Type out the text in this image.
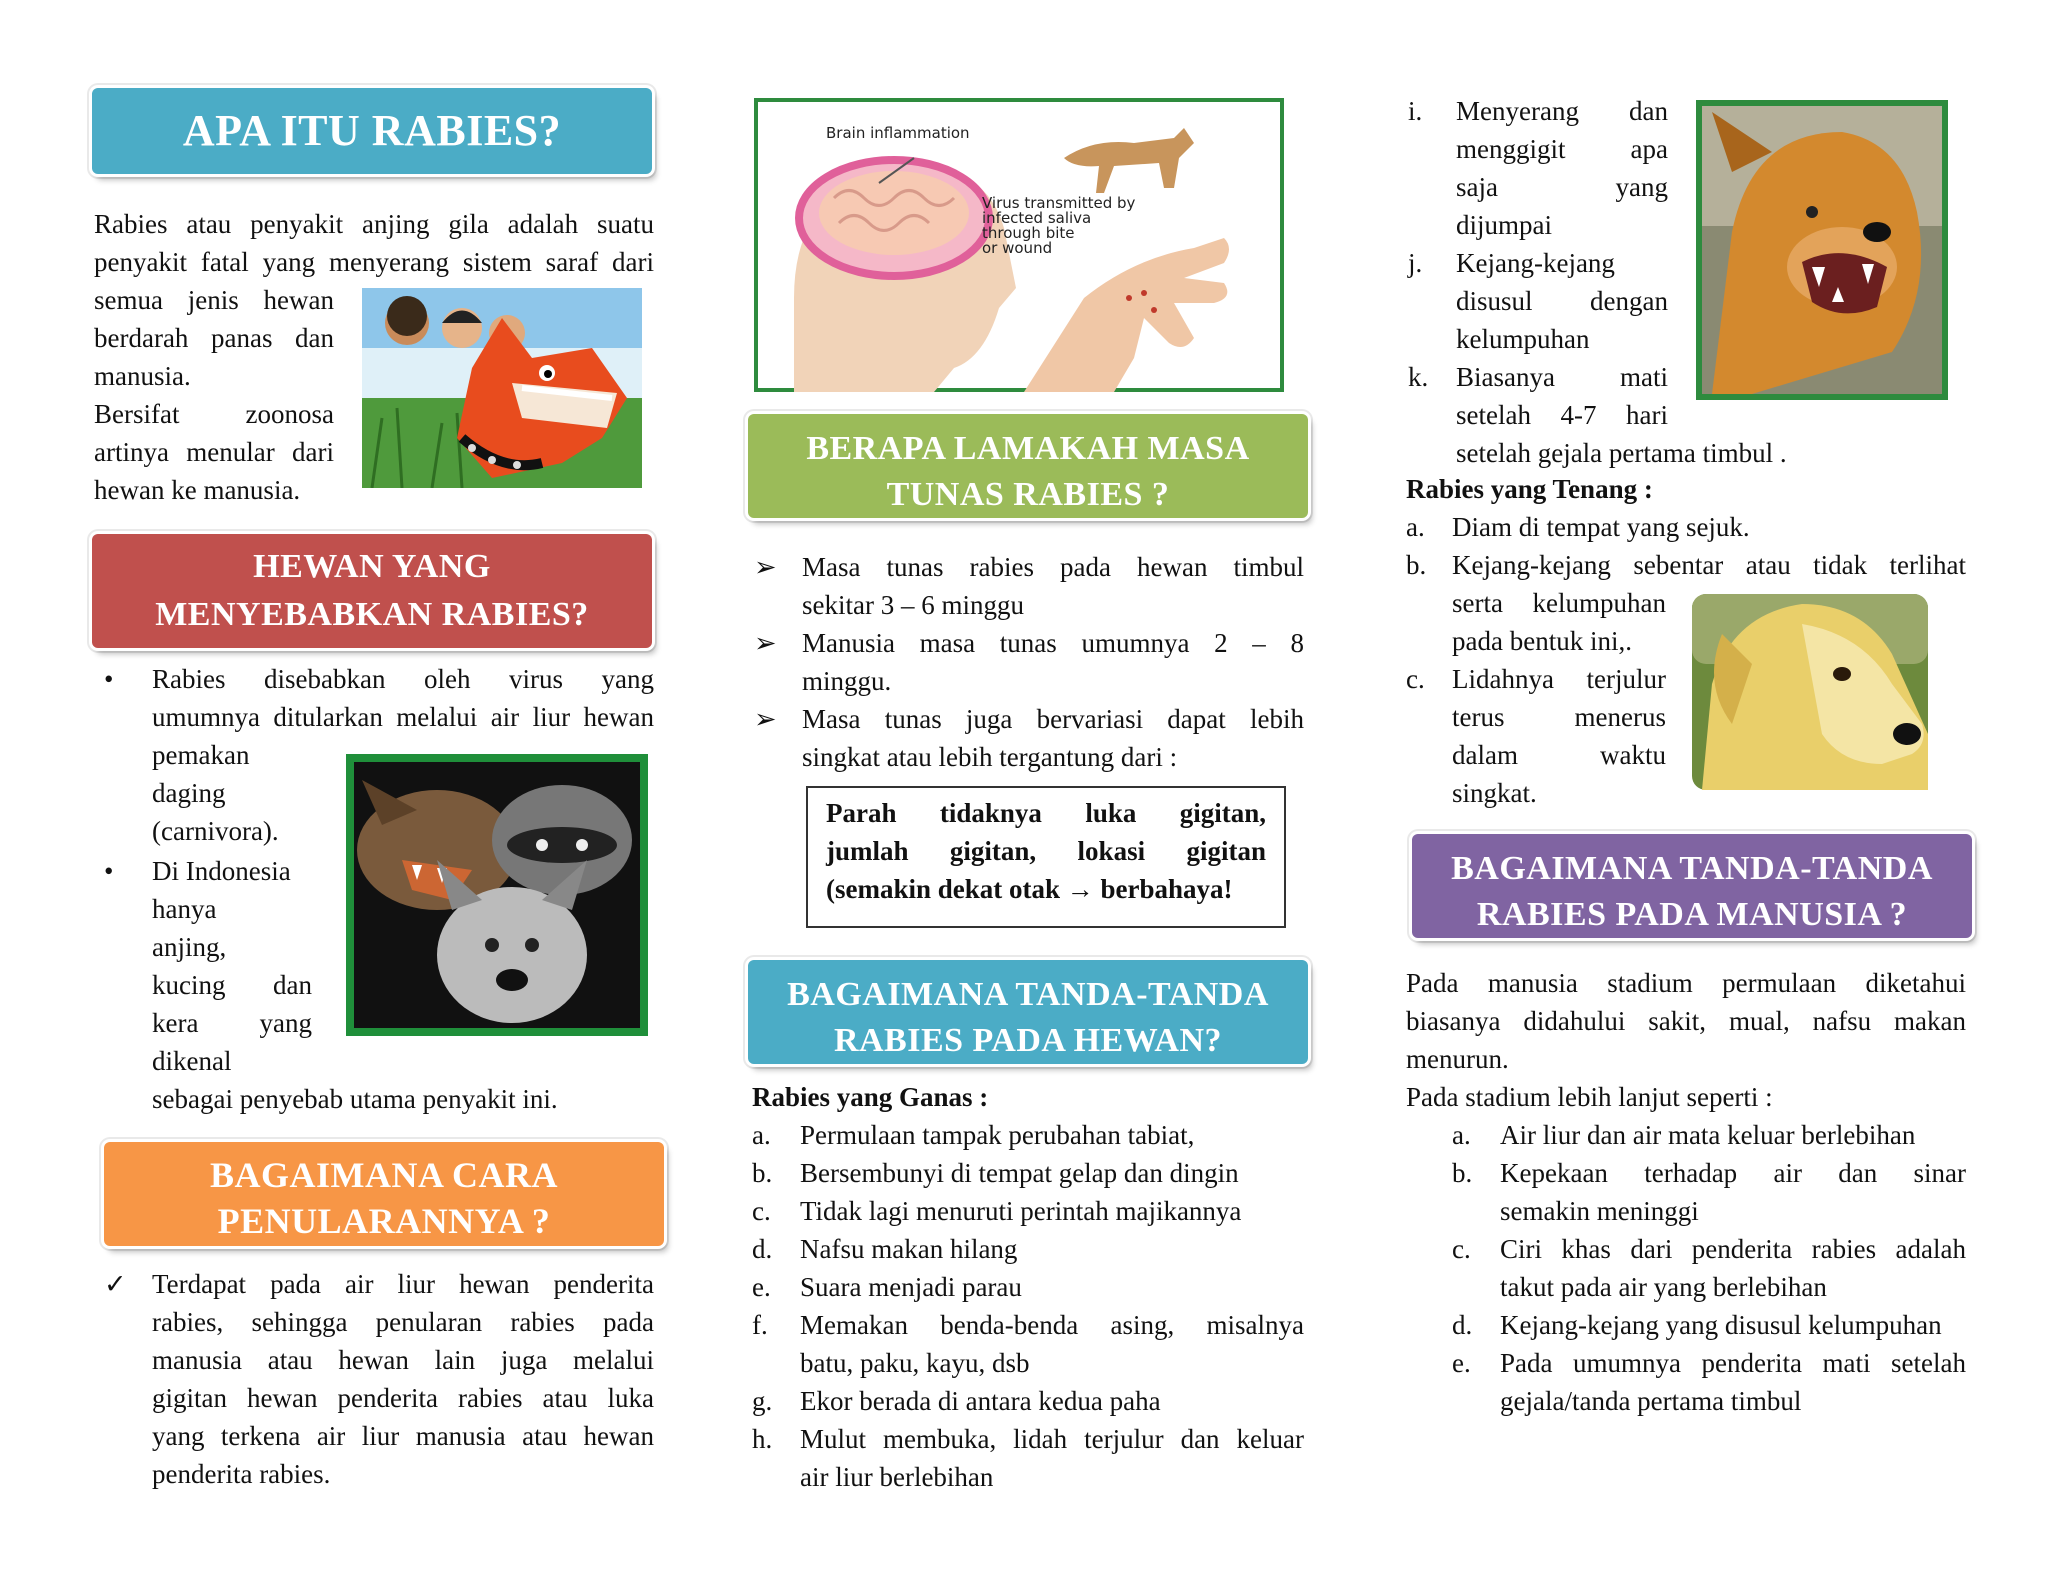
APA ITU RABIES?
Rabies atau penyakit anjing gila adalah suatu
penyakit fatal yang menyerang sistem saraf dari
semua jenis hewan
berdarah panas dan
manusia.
Bersifat zoonosa
artinya menular dari
hewan ke manusia.
HEWAN YANG
MENYEBABKAN RABIES?
• Rabies disebabkan oleh virus yang
umumnya ditularkan melalui air liur hewan
pemakan
daging
(carnivora).
• Di Indonesia
hanya
anjing,
kucing dan
kera yang
dikenal
sebagai penyebab utama penyakit ini.
BAGAIMANA CARA
PENULARANNYA ?
✓ Terdapat pada air liur hewan penderita
rabies, sehingga penularan rabies pada
manusia atau hewan lain juga melalui
gigitan hewan penderita rabies atau luka
yang terkena air liur manusia atau hewan
penderita rabies.
Brain inflammation
Virus transmitted by
infected saliva
through bite
or wound
BERAPA LAMAKAH MASA
TUNAS RABIES ?
➢ Masa tunas rabies pada hewan timbul
sekitar 3 – 6 minggu
➢ Manusia masa tunas umumnya 2 – 8
minggu.
➢ Masa tunas juga bervariasi dapat lebih
singkat atau lebih tergantung dari :
Parah tidaknya luka gigitan,
jumlah gigitan, lokasi gigitan
(semakin dekat otak → berbahaya!
BAGAIMANA TANDA-TANDA
RABIES PADA HEWAN?
Rabies yang Ganas :
a. Permulaan tampak perubahan tabiat,
b. Bersembunyi di tempat gelap dan dingin
c. Tidak lagi menuruti perintah majikannya
d. Nafsu makan hilang
e. Suara menjadi parau
f. Memakan benda-benda asing, misalnya
batu, paku, kayu, dsb
g. Ekor berada di antara kedua paha
h. Mulut membuka, lidah terjulur dan keluar
air liur berlebihan
i. Menyerang dan
menggigit apa
saja yang
dijumpai
j. Kejang-kejang
disusul dengan
kelumpuhan
k. Biasanya mati
setelah 4-7 hari
setelah gejala pertama timbul .
Rabies yang Tenang :
a. Diam di tempat yang sejuk.
b. Kejang-kejang sebentar atau tidak terlihat
serta kelumpuhan
pada bentuk ini,.
c. Lidahnya terjulur
terus menerus
dalam waktu
singkat.
BAGAIMANA TANDA-TANDA
RABIES PADA MANUSIA ?
Pada manusia stadium permulaan diketahui
biasanya didahului sakit, mual, nafsu makan
menurun.
Pada stadium lebih lanjut seperti :
a. Air liur dan air mata keluar berlebihan
b. Kepekaan terhadap air dan sinar
semakin meninggi
c. Ciri khas dari penderita rabies adalah
takut pada air yang berlebihan
d. Kejang-kejang yang disusul kelumpuhan
e. Pada umumnya penderita mati setelah
gejala/tanda pertama timbul
